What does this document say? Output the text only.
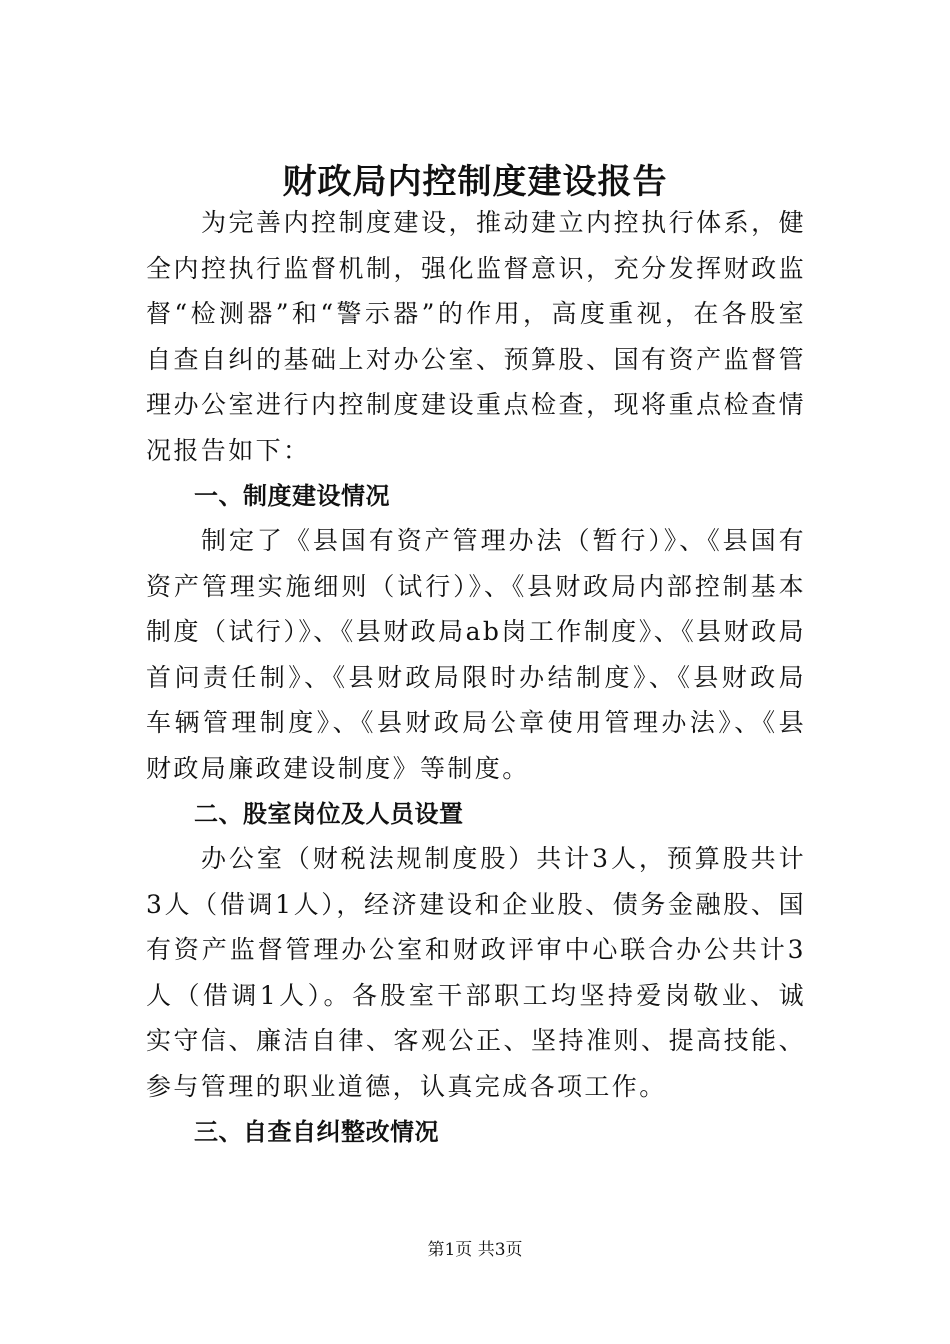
财政局内控制度建设报告

为完善内控制度建设，推动建立内控执行体系，健全内控执行监督机制，强化监督意识，充分发挥财政监督“检测器”和“警示器”的作用，高度重视，在各股室自查自纠的基础上对办公室、预算股、国有资产监督管理办公室进行内控制度建设重点检查，现将重点检查情况报告如下：

一、制度建设情况

制定了《县国有资产管理办法（暂行）》、《县国有资产管理实施细则（试行）》、《县财政局内部控制基本制度（试行）》、《县财政局ab岗工作制度》、《县财政局首问责任制》、《县财政局限时办结制度》、《县财政局车辆管理制度》、《县财政局公章使用管理办法》、《县财政局廉政建设制度》等制度。

二、股室岗位及人员设置

办公室（财税法规制度股）共计3人，预算股共计3人（借调1人），经济建设和企业股、债务金融股、国有资产监督管理办公室和财政评审中心联合办公共计3人（借调1人）。各股室干部职工均坚持爱岗敬业、诚实守信、廉洁自律、客观公正、坚持准则、提高技能、参与管理的职业道德，认真完成各项工作。

三、自查自纠整改情况
第1页 共3页
